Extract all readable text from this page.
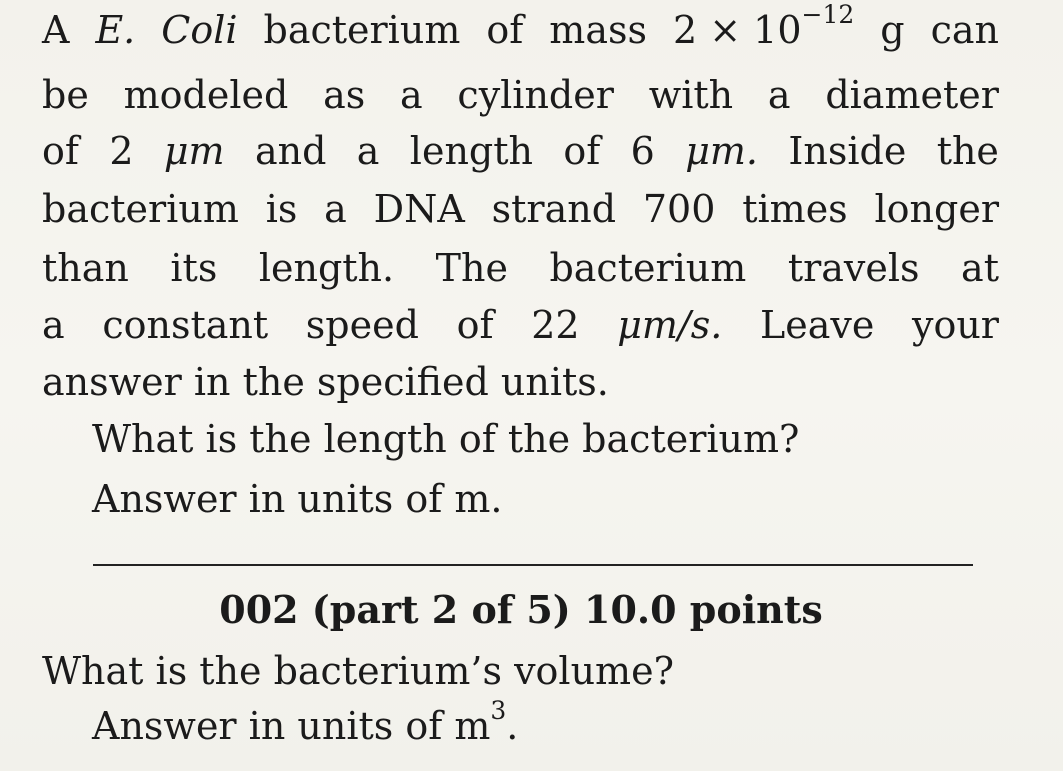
A E. Coli bacterium of mass $2 \times 10^{-12}$ g can
be modeled as a cylinder with a diameter
of 2 μm and a length of 6 μm. Inside the
bacterium is a DNA strand 700 times longer
than its length. The bacterium travels at
a constant speed of 22 μm/s. Leave your
answer in the specified units.
What is the length of the bacterium?
Answer in units of m.
002 (part 2 of 5) 10.0 points
What is the bacterium’s volume?
Answer in units of $m^3$.
